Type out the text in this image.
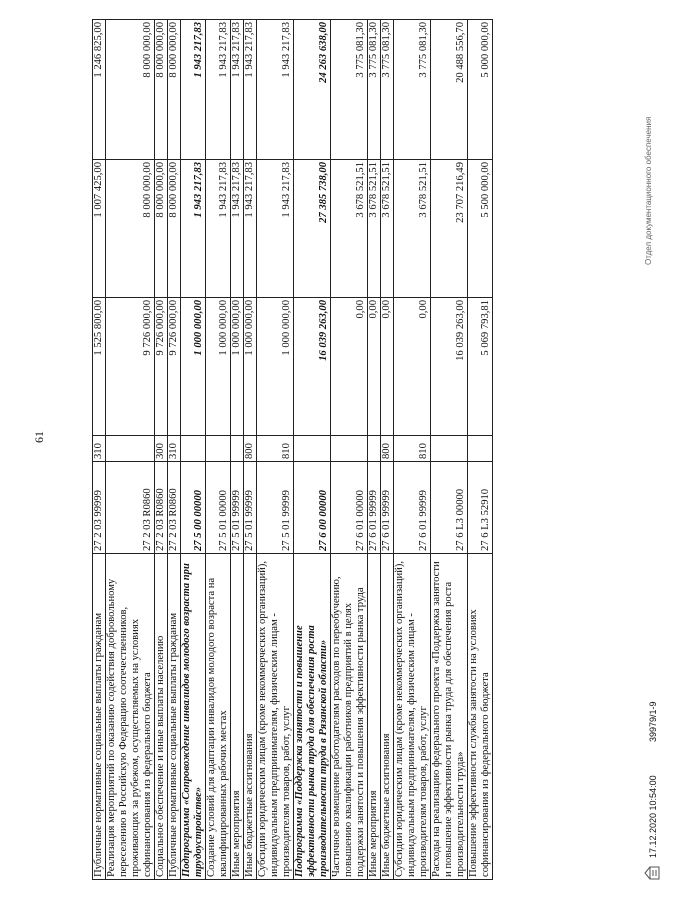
61
Публичные нормативные социальные выплаты гражданам	27 2 03 99999	310	1 525 800,00	1 007 425,00	1 246 825,00
Реализация мероприятий по оказанию содействия добровольному переселению в Российскую Федерацию соотечественников, проживающих за рубежом, осуществляемых на условиях софинансирования из федерального бюджета	27 2 03 R0860		9 726 000,00	8 000 000,00	8 000 000,00
Социальное обеспечение и иные выплаты населению	27 2 03 R0860	300	9 726 000,00	8 000 000,00	8 000 000,00
Публичные нормативные социальные выплаты гражданам	27 2 03 R0860	310	9 726 000,00	8 000 000,00	8 000 000,00
Подпрограмма «Сопровождение инвалидов молодого возраста при трудоустройстве»	27 5 00 00000		1 000 000,00	1 943 217,83	1 943 217,83
Создание условий для адаптации инвалидов молодого возраста на квалифицированных рабочих местах	27 5 01 00000		1 000 000,00	1 943 217,83	1 943 217,83
Иные мероприятия	27 5 01 99999		1 000 000,00	1 943 217,83	1 943 217,83
Иные бюджетные ассигнования	27 5 01 99999	800	1 000 000,00	1 943 217,83	1 943 217,83
Субсидии юридическим лицам (кроме некоммерческих организаций), индивидуальным предпринимателям, физическим лицам - производителям товаров, работ, услуг	27 5 01 99999	810	1 000 000,00	1 943 217,83	1 943 217,83
Подпрограмма «Поддержка занятости и повышение эффективности рынка труда для обеспечения роста производительности труда в Рязанской области»	27 6 00 00000		16 039 263,00	27 385 738,00	24 263 638,00
Частичное возмещение работодателям расходов по переобучению, повышению квалификации работников предприятий в целях поддержки занятости и повышения эффективности рынка труда	27 6 01 00000		0,00	3 678 521,51	3 775 081,30
Иные мероприятия	27 6 01 99999		0,00	3 678 521,51	3 775 081,30
Иные бюджетные ассигнования	27 6 01 99999	800	0,00	3 678 521,51	3 775 081,30
Субсидии юридическим лицам (кроме некоммерческих организаций), индивидуальным предпринимателям, физическим лицам - производителям товаров, работ, услуг	27 6 01 99999	810	0,00	3 678 521,51	3 775 081,30
Расходы на реализацию федерального проекта «Поддержка занятости и повышение эффективности рынка труда для обеспечения роста производительности труда»	27 6 L3 00000		16 039 263,00	23 707 216,49	20 488 556,70
Повышение эффективности службы занятости на условиях софинансирования из федерального бюджета	27 6 L3 52910		5 069 793,81	5 500 000,00	5 000 000,00
17.12.2020 10:54:00
39979/1-9
Отдел документационного обеспечения
